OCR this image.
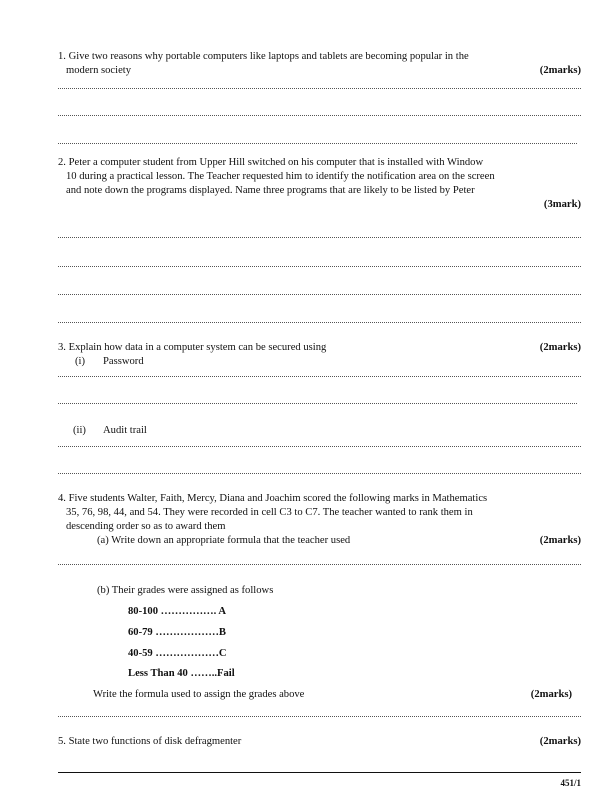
1. Give two reasons why portable computers like laptops and tablets are becoming popular in the
modern society	(2marks)
2. Peter a computer student from Upper Hill switched on his computer that is installed with Window
10 during a practical lesson. The Teacher requested him to identify the notification area on the screen
and note down the programs displayed. Name three programs that are likely to be listed by Peter
(3mark)
3. Explain how data in a computer system can be secured using	(2marks)
(i) Password
(ii) Audit trail
4. Five students Walter, Faith, Mercy, Diana and Joachim scored the following marks in Mathematics
35, 76, 98, 44, and 54. They were recorded in cell C3 to C7. The teacher wanted to rank them in
descending order so as to award them
(a) Write down an appropriate formula that the teacher used	(2marks)
(b) Their grades were assigned as follows
80-100 ……………. A
60-79 ………………B
40-59 ………………C
Less Than 40 ……..Fail
Write the formula used to assign the grades above	(2marks)
5. State two functions of disk defragmenter	(2marks)
451/1
